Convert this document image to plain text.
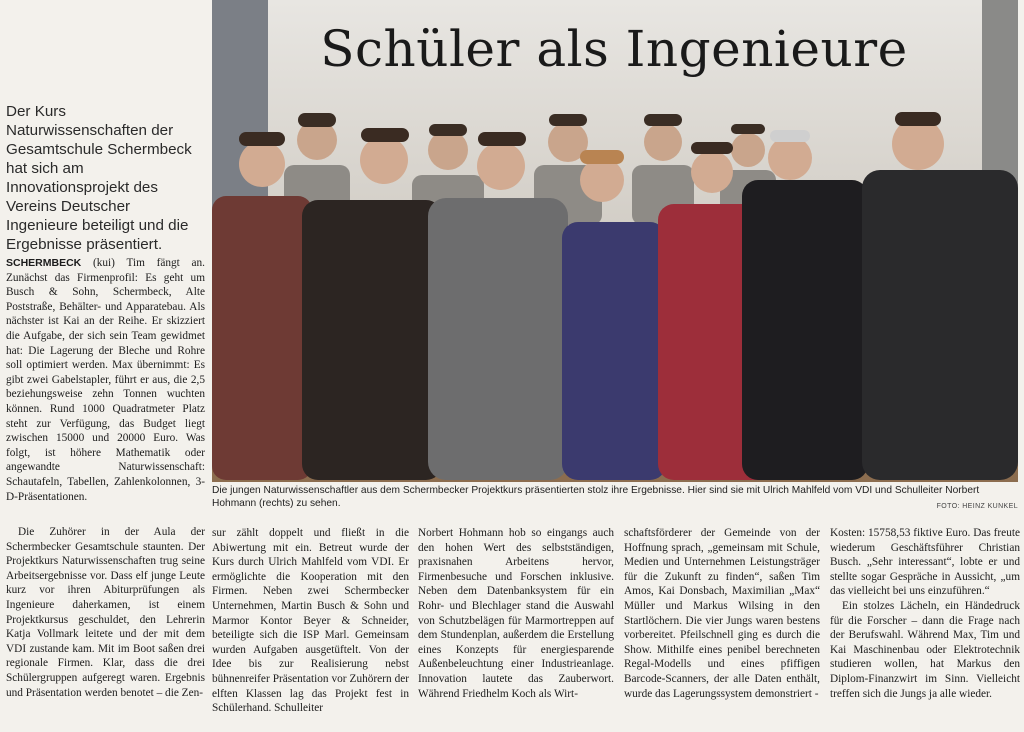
Schüler als Ingenieure

Der Kurs Naturwissenschaften der Gesamtschule Schermbeck hat sich am Innovationsprojekt des Vereins Deutscher Ingenieure beteiligt und die Ergebnisse präsentiert.

SCHERMBECK (kui) Tim fängt an. Zunächst das Firmenprofil: Es geht um Busch & Sohn, Schermbeck, Alte Poststraße, Behälter- und Apparatebau. Als nächster ist Kai an der Reihe. Er skizziert die Aufgabe, der sich sein Team gewidmet hat: Die Lagerung der Bleche und Rohre soll optimiert werden. Max übernimmt: Es gibt zwei Gabelstapler, führt er aus, die 2,5 beziehungsweise zehn Tonnen wuchten können. Rund 1000 Quadratmeter Platz steht zur Verfügung, das Budget liegt zwischen 15000 und 20000 Euro. Was folgt, ist höhere Mathematik oder angewandte Naturwissenschaft: Schautafeln, Tabellen, Zahlenkolonnen, 3-D-Präsentationen.

Die Zuhörer in der Aula der Schermbecker Gesamtschule staunten. Der Projektkurs Naturwissenschaften trug seine Arbeitsergebnisse vor. Dass elf junge Leute kurz vor ihren Abiturprüfungen als Ingenieure daherkamen, ist einem Projektkursus geschuldet, den Lehrerin Katja Vollmark leitete und der mit dem VDI zustande kam. Mit im Boot saßen drei regionale Firmen. Klar, dass die drei Schülergruppen aufgeregt waren. Ergebnis und Präsentation werden benotet – die Zen-

Die jungen Naturwissenschaftler aus dem Schermbecker Projektkurs präsentierten stolz ihre Ergebnisse. Hier sind sie mit Ulrich Mahlfeld vom VDI und Schulleiter Norbert Hohmann (rechts) zu sehen.	FOTO: HEINZ KUNKEL

sur zählt doppelt und fließt in die Abiwertung mit ein. Betreut wurde der Kurs durch Ulrich Mahlfeld vom VDI. Er ermöglichte die Kooperation mit den Firmen. Neben zwei Schermbecker Unternehmen, Martin Busch & Sohn und Marmor Kontor Beyer & Schneider, beteiligte sich die ISP Marl. Gemeinsam wurden Aufgaben ausgetüftelt. Von der Idee bis zur Realisierung nebst bühnenreifer Präsentation vor Zuhörern der elften Klassen lag das Projekt fest in Schülerhand. Schulleiter

Norbert Hohmann hob so eingangs auch den hohen Wert des selbstständigen, praxisnahen Arbeitens hervor, Firmenbesuche und Forschen inklusive. Neben dem Datenbanksystem für ein Rohr- und Blechlager stand die Auswahl von Schutzbelägen für Marmortreppen auf dem Stundenplan, außerdem die Erstellung eines Konzepts für energiesparende Außenbeleuchtung einer Industrieanlage. Innovation lautete das Zauberwort. Während Friedhelm Koch als Wirt-

schaftsförderer der Gemeinde von der Hoffnung sprach, „gemeinsam mit Schule, Medien und Unternehmen Leistungsträger für die Zukunft zu finden“, saßen Tim Amos, Kai Donsbach, Maximilian „Max“ Müller und Markus Wilsing in den Startlöchern. Die vier Jungs waren bestens vorbereitet. Pfeilschnell ging es durch die Show. Mithilfe eines penibel berechneten Regal-Modells und eines pfiffigen Barcode-Scanners, der alle Daten enthält, wurde das Lagerungssystem demonstriert -

Kosten: 15758,53 fiktive Euro. Das freute wiederum Geschäftsführer Christian Busch. „Sehr interessant“, lobte er und stellte sogar Gespräche in Aussicht, „um das vielleicht bei uns einzuführen.“

Ein stolzes Lächeln, ein Händedruck für die Forscher – dann die Frage nach der Berufswahl. Während Max, Tim und Kai Maschinenbau oder Elektrotechnik studieren wollen, hat Markus den Diplom-Finanzwirt im Sinn. Vielleicht treffen sich die Jungs ja alle wieder.
